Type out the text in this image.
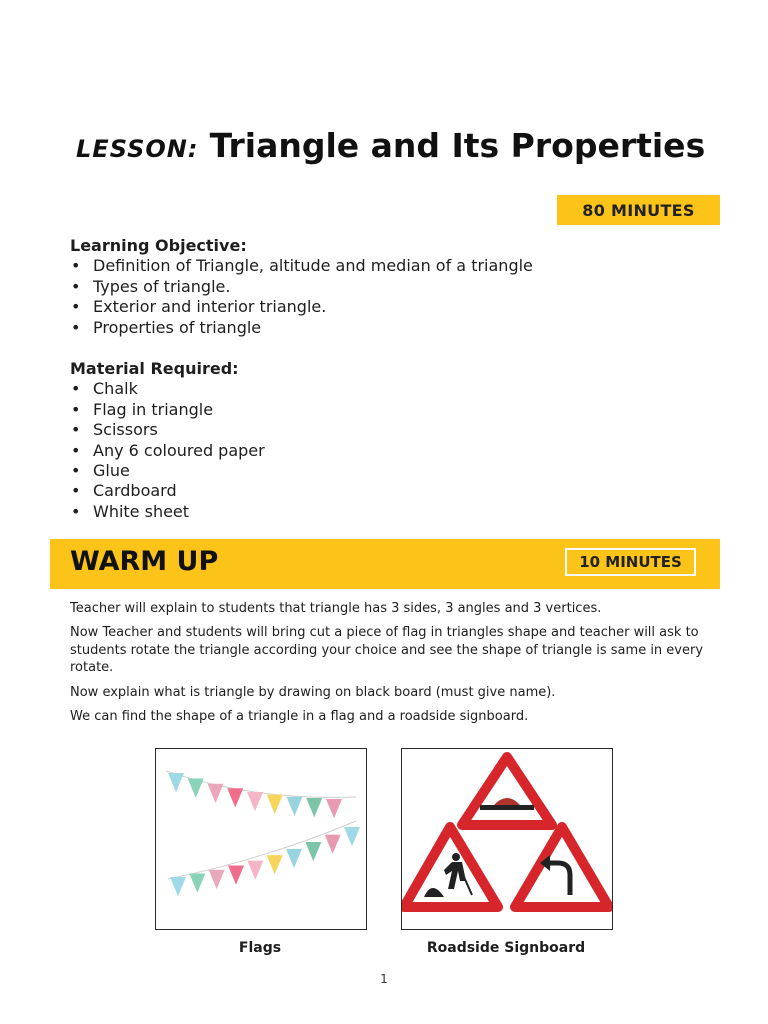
LESSON: Triangle and Its Properties
80 MINUTES
Learning Objective:
• Definition of Triangle, altitude and median of a triangle
• Types of triangle.
• Exterior and interior triangle.
• Properties of triangle
Material Required:
• Chalk
• Flag in triangle
• Scissors
• Any 6 coloured paper
• Glue
• Cardboard
• White sheet
WARM UP	10 MINUTES

Teacher will explain to students that triangle has 3 sides, 3 angles and 3 vertices.

Now Teacher and students will bring cut a piece of flag in triangles shape and teacher will ask to students rotate the triangle according your choice and see the shape of triangle is same in every rotate.

Now explain what is triangle by drawing on black board (must give name).

We can find the shape of a triangle in a flag and a roadside signboard.

Flags	Roadside Signboard
1
